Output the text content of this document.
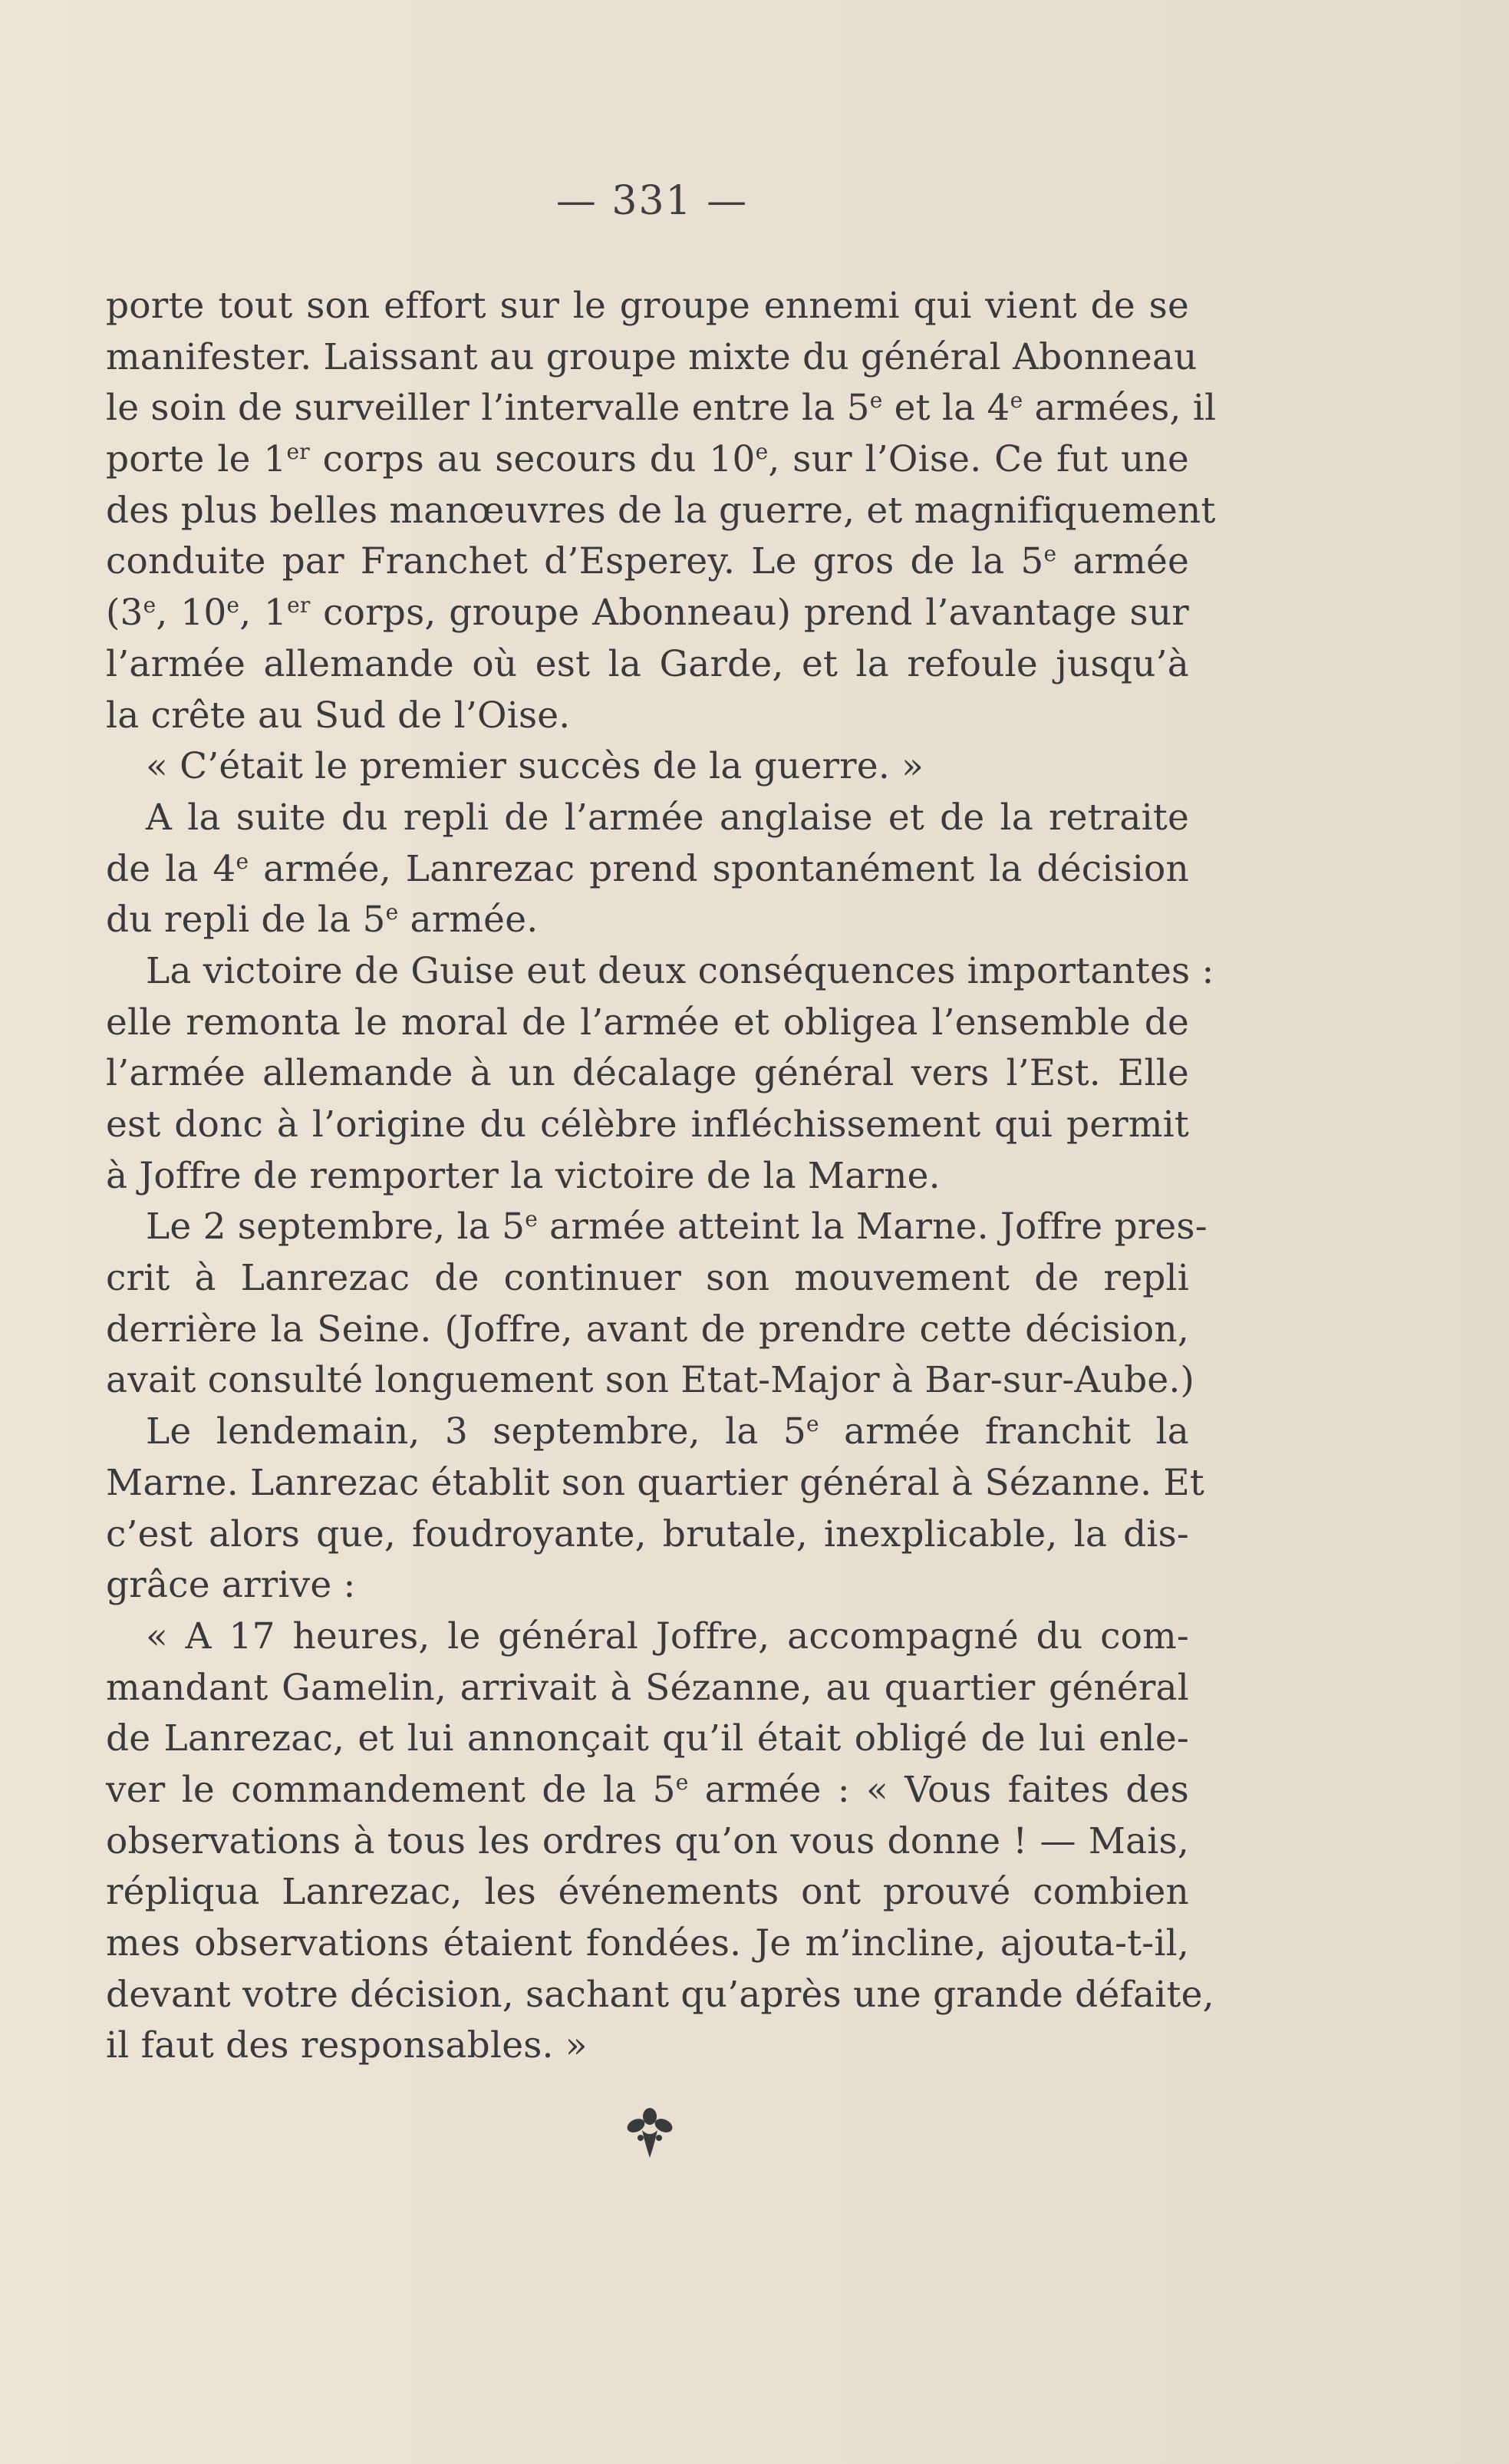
— 331 —
porte tout son effort sur le groupe ennemi qui vient de se
manifester. Laissant au groupe mixte du général Abonneau
le soin de surveiller l’intervalle entre la 5e et la 4e armées, il
porte le 1er corps au secours du 10e, sur l’Oise. Ce fut une
des plus belles manœuvres de la guerre, et magnifiquement
conduite par Franchet d’Esperey. Le gros de la 5e armée
(3e, 10e, 1er corps, groupe Abonneau) prend l’avantage sur
l’armée allemande où est la Garde, et la refoule jusqu’à
la crête au Sud de l’Oise.
« C’était le premier succès de la guerre. »
A la suite du repli de l’armée anglaise et de la retraite
de la 4e armée, Lanrezac prend spontanément la décision
du repli de la 5e armée.
La victoire de Guise eut deux conséquences importantes :
elle remonta le moral de l’armée et obligea l’ensemble de
l’armée allemande à un décalage général vers l’Est. Elle
est donc à l’origine du célèbre infléchissement qui permit
à Joffre de remporter la victoire de la Marne.
Le 2 septembre, la 5e armée atteint la Marne. Joffre pres-
crit à Lanrezac de continuer son mouvement de repli
derrière la Seine. (Joffre, avant de prendre cette décision,
avait consulté longuement son Etat-Major à Bar-sur-Aube.)
Le lendemain, 3 septembre, la 5e armée franchit la
Marne. Lanrezac établit son quartier général à Sézanne. Et
c’est alors que, foudroyante, brutale, inexplicable, la dis-
grâce arrive :
« A 17 heures, le général Joffre, accompagné du com-
mandant Gamelin, arrivait à Sézanne, au quartier général
de Lanrezac, et lui annonçait qu’il était obligé de lui enle-
ver le commandement de la 5e armée : « Vous faites des
observations à tous les ordres qu’on vous donne ! — Mais,
répliqua Lanrezac, les événements ont prouvé combien
mes observations étaient fondées. Je m’incline, ajouta-t-il,
devant votre décision, sachant qu’après une grande défaite,
il faut des responsables. »
